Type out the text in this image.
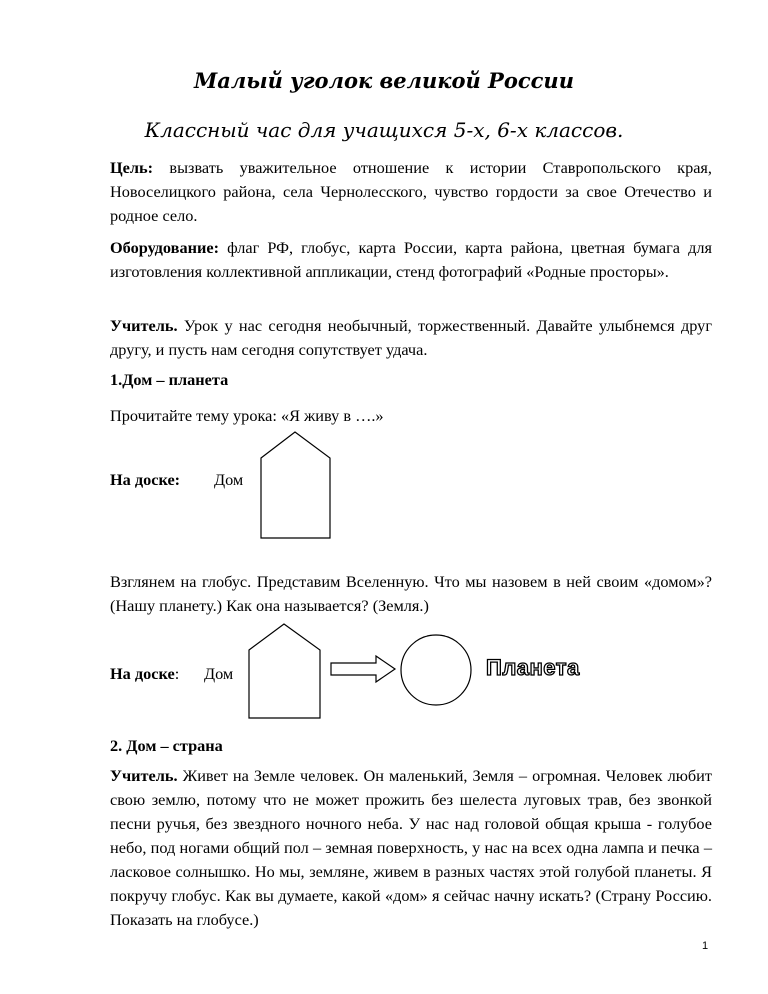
Малый уголок великой России
Классный час для учащихся 5-х, 6-х классов.
Цель: вызвать уважительное отношение к истории Ставропольского края, Новоселицкого района, села Чернолесского, чувство гордости за свое Отечество и родное село.
Оборудование: флаг РФ, глобус, карта России, карта района, цветная бумага для изготовления коллективной аппликации, стенд фотографий «Родные просторы».
Учитель. Урок у нас сегодня необычный, торжественный. Давайте улыбнемся друг другу, и пусть нам сегодня сопутствует удача.
1.Дом – планета
Прочитайте тему урока: «Я живу в ….»
На доске: Дом
Взглянем на глобус. Представим Вселенную. Что мы назовем в ней своим «домом»? (Нашу планету.) Как она называется? (Земля.)
На доске: Дом	Планета
2. Дом – страна
Учитель. Живет на Земле человек. Он маленький, Земля – огромная. Человек любит свою землю, потому что не может прожить без шелеста луговых трав, без звонкой песни ручья, без звездного ночного неба. У нас над головой общая крыша - голубое небо, под ногами общий пол – земная поверхность, у нас на всех одна лампа и печка – ласковое солнышко. Но мы, земляне, живем в разных частях этой голубой планеты. Я покручу глобус. Как вы думаете, какой «дом» я сейчас начну искать? (Страну Россию. Показать на глобусе.)
1
